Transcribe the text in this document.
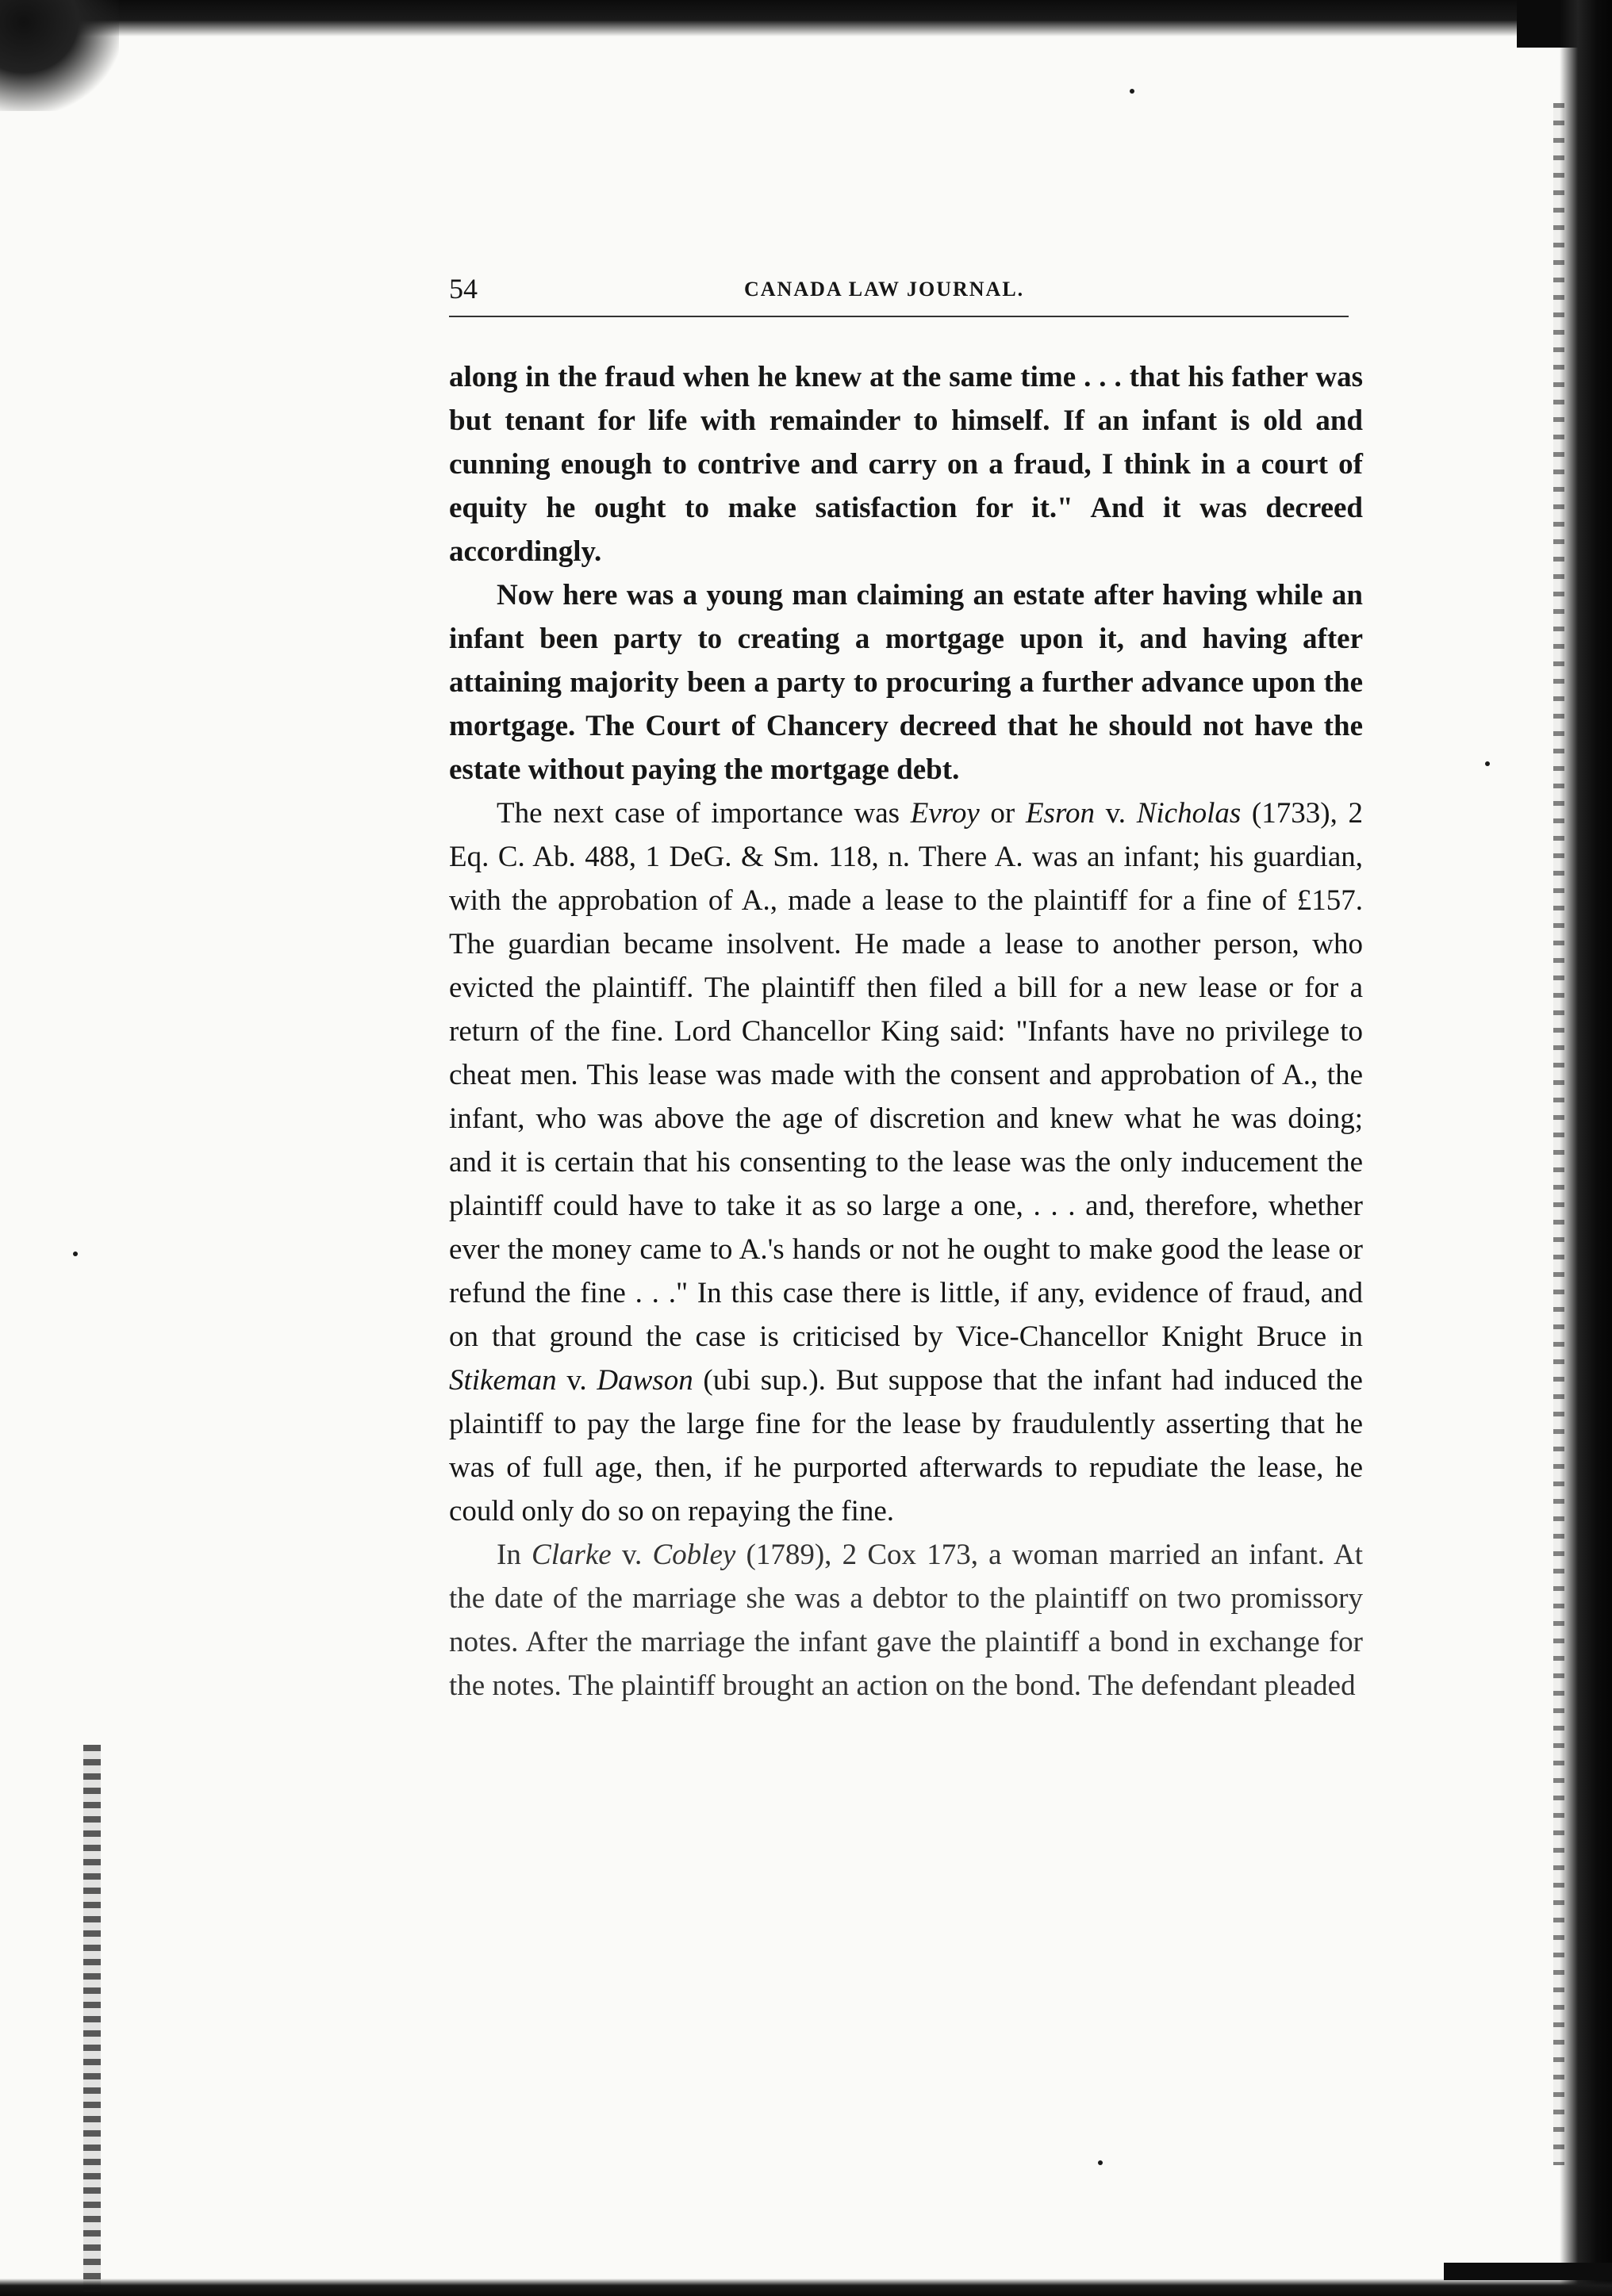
54	CANADA LAW JOURNAL.

along in the fraud when he knew at the same time . . . that his father was but tenant for life with remainder to himself. If an infant is old and cunning enough to contrive and carry on a fraud, I think in a court of equity he ought to make satisfaction for it." And it was decreed accordingly.

Now here was a young man claiming an estate after having while an infant been party to creating a mortgage upon it, and having after attaining majority been a party to procuring a further advance upon the mortgage. The Court of Chancery decreed that he should not have the estate without paying the mortgage debt.

The next case of importance was Evroy or Esron v. Nicholas (1733), 2 Eq. C. Ab. 488, 1 DeG. & Sm. 118, n. There A. was an infant; his guardian, with the approbation of A., made a lease to the plaintiff for a fine of £157. The guardian became insolvent. He made a lease to another person, who evicted the plaintiff. The plaintiff then filed a bill for a new lease or for a return of the fine. Lord Chancellor King said: "Infants have no privilege to cheat men. This lease was made with the consent and approbation of A., the infant, who was above the age of discretion and knew what he was doing; and it is certain that his consenting to the lease was the only inducement the plaintiff could have to take it as so large a one, . . . and, therefore, whether ever the money came to A.'s hands or not he ought to make good the lease or refund the fine . . ." In this case there is little, if any, evidence of fraud, and on that ground the case is criticised by Vice-Chancellor Knight Bruce in Stikeman v. Dawson (ubi sup.). But suppose that the infant had induced the plaintiff to pay the large fine for the lease by fraudulently asserting that he was of full age, then, if he purported afterwards to repudiate the lease, he could only do so on repaying the fine.

In Clarke v. Cobley (1789), 2 Cox 173, a woman married an infant. At the date of the marriage she was a debtor to the plaintiff on two promissory notes. After the marriage the infant gave the plaintiff a bond in exchange for the notes. The plaintiff brought an action on the bond. The defendant pleaded
